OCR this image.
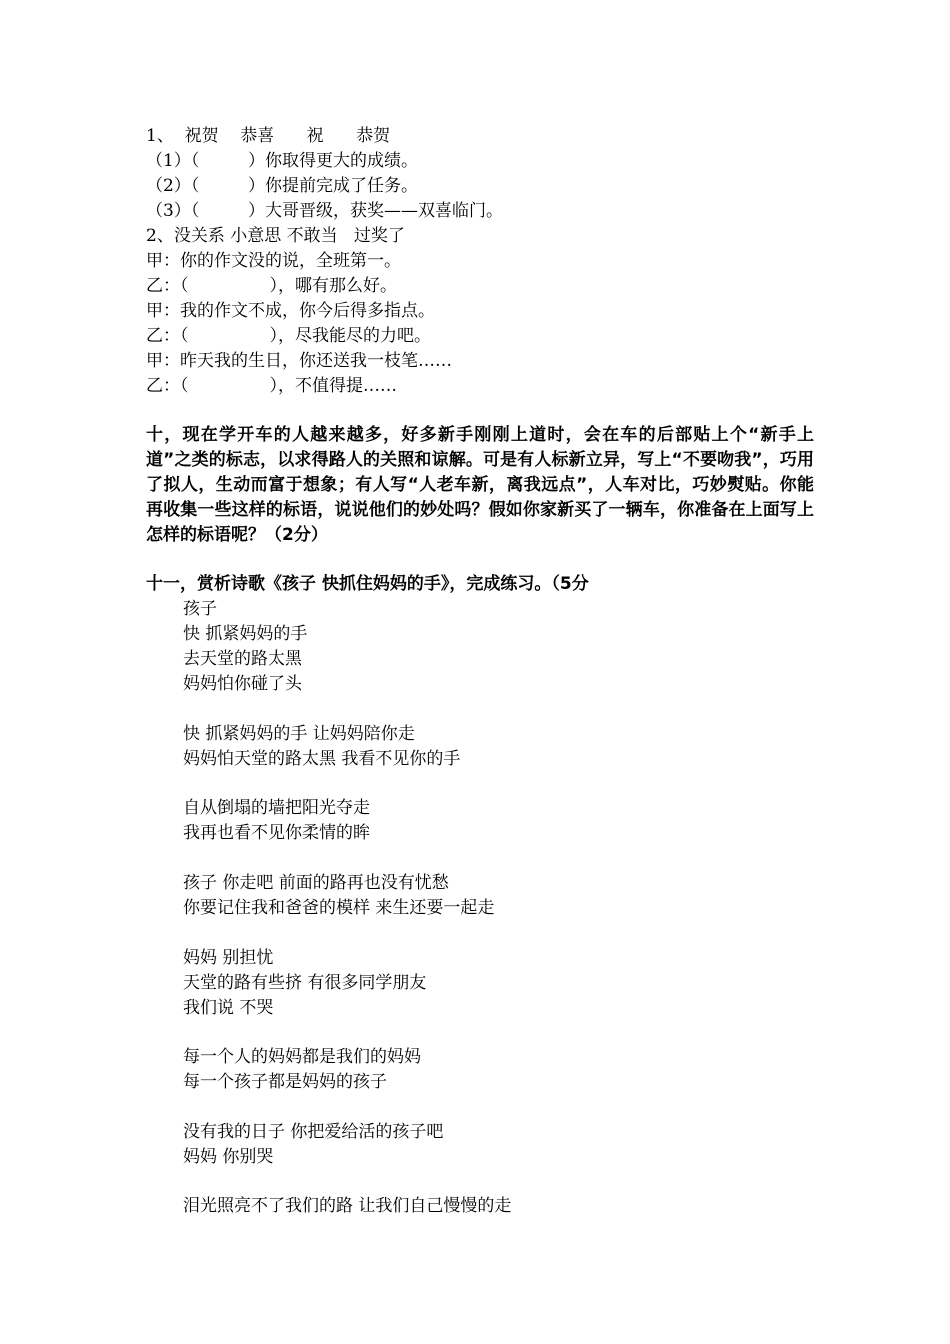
1、  祝贺    恭喜      祝      恭贺
（1）（         ）你取得更大的成绩。
（2）（         ）你提前完成了任务。
（3）（         ）大哥晋级，获奖——双喜临门。
2、没关系 小意思 不敢当   过奖了
甲：你的作文没的说，全班第一。
乙：（               ），哪有那么好。
甲：我的作文不成，你今后得多指点。
乙：（               ），尽我能尽的力吧。
甲：昨天我的生日，你还送我一枝笔……
乙：（               ），不值得提……
十，现在学开车的人越来越多，好多新手刚刚上道时，会在车的后部贴上个“新手上道”之类的标志，以求得路人的关照和谅解。可是有人标新立异，写上“不要吻我”，巧用了拟人，生动而富于想象；有人写“人老车新，离我远点”，人车对比，巧妙熨贴。你能再收集一些这样的标语，说说他们的妙处吗？假如你家新买了一辆车，你准备在上面写上怎样的标语呢？（2分）
十一，赏析诗歌《孩子 快抓住妈妈的手》，完成练习。（5分
孩子
快 抓紧妈妈的手
去天堂的路太黑
妈妈怕你碰了头
快 抓紧妈妈的手 让妈妈陪你走
妈妈怕天堂的路太黑 我看不见你的手
自从倒塌的墙把阳光夺走
我再也看不见你柔情的眸
孩子 你走吧 前面的路再也没有忧愁
你要记住我和爸爸的模样 来生还要一起走
妈妈 别担忧
天堂的路有些挤 有很多同学朋友
我们说 不哭
每一个人的妈妈都是我们的妈妈
每一个孩子都是妈妈的孩子
没有我的日子 你把爱给活的孩子吧
妈妈 你别哭
泪光照亮不了我们的路 让我们自己慢慢的走
